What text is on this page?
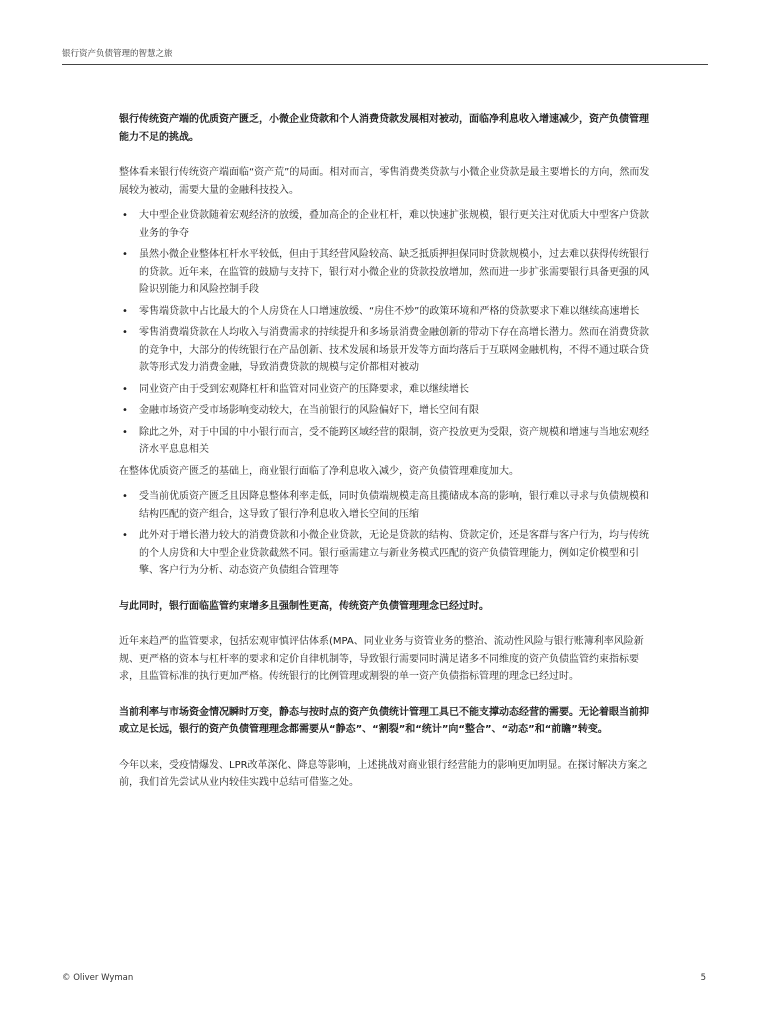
银行资产负债管理的智慧之旅

银行传统资产端的优质资产匮乏，小微企业贷款和个人消费贷款发展相对被动，面临净利息收入增速减少，资产负债管理能力不足的挑战。

整体看来银行传统资产端面临“资产荒”的局面。相对而言，零售消费类贷款与小微企业贷款是最主要增长的方向，然而发展较为被动，需要大量的金融科技投入。

• 大中型企业贷款随着宏观经济的放缓，叠加高企的企业杠杆，难以快速扩张规模，银行更关注对优质大中型客户贷款业务的争夺
• 虽然小微企业整体杠杆水平较低，但由于其经营风险较高、缺乏抵质押担保同时贷款规模小，过去难以获得传统银行的贷款。近年来，在监管的鼓励与支持下，银行对小微企业的贷款投放增加，然而进一步扩张需要银行具备更强的风险识别能力和风险控制手段
• 零售端贷款中占比最大的个人房贷在人口增速放缓、“房住不炒”的政策环境和严格的贷款要求下难以继续高速增长
• 零售消费端贷款在人均收入与消费需求的持续提升和多场景消费金融创新的带动下存在高增长潜力。然而在消费贷款的竞争中，大部分的传统银行在产品创新、技术发展和场景开发等方面均落后于互联网金融机构，不得不通过联合贷款等形式发力消费金融，导致消费贷款的规模与定价都相对被动
• 同业资产由于受到宏观降杠杆和监管对同业资产的压降要求，难以继续增长
• 金融市场资产受市场影响变动较大，在当前银行的风险偏好下，增长空间有限
• 除此之外，对于中国的中小银行而言，受不能跨区域经营的限制，资产投放更为受限，资产规模和增速与当地宏观经济水平息息相关

在整体优质资产匮乏的基础上，商业银行面临了净利息收入减少，资产负债管理难度加大。

• 受当前优质资产匮乏且因降息整体利率走低，同时负债端规模走高且揽储成本高的影响，银行难以寻求与负债规模和结构匹配的资产组合，这导致了银行净利息收入增长空间的压缩
• 此外对于增长潜力较大的消费贷款和小微企业贷款，无论是贷款的结构、贷款定价，还是客群与客户行为，均与传统的个人房贷和大中型企业贷款截然不同。银行亟需建立与新业务模式匹配的资产负债管理能力，例如定价模型和引擎、客户行为分析、动态资产负债组合管理等

与此同时，银行面临监管约束增多且强制性更高，传统资产负债管理理念已经过时。

近年来趋严的监管要求，包括宏观审慎评估体系(MPA、同业业务与资管业务的整治、流动性风险与银行账簿利率风险新规、更严格的资本与杠杆率的要求和定价自律机制等，导致银行需要同时满足诸多不同维度的资产负债监管约束指标要求，且监管标准的执行更加严格。传统银行的比例管理或割裂的单一资产负债指标管理的理念已经过时。

当前利率与市场资金情况瞬时万变，静态与按时点的资产负债统计管理工具已不能支撑动态经营的需要。无论着眼当前抑或立足长远，银行的资产负债管理理念都需要从“静态”、“割裂”和“统计”向“整合”、“动态”和“前瞻”转变。

今年以来，受疫情爆发、LPR改革深化、降息等影响，上述挑战对商业银行经营能力的影响更加明显。在探讨解决方案之前，我们首先尝试从业内较佳实践中总结可借鉴之处。

© Oliver Wyman	5
